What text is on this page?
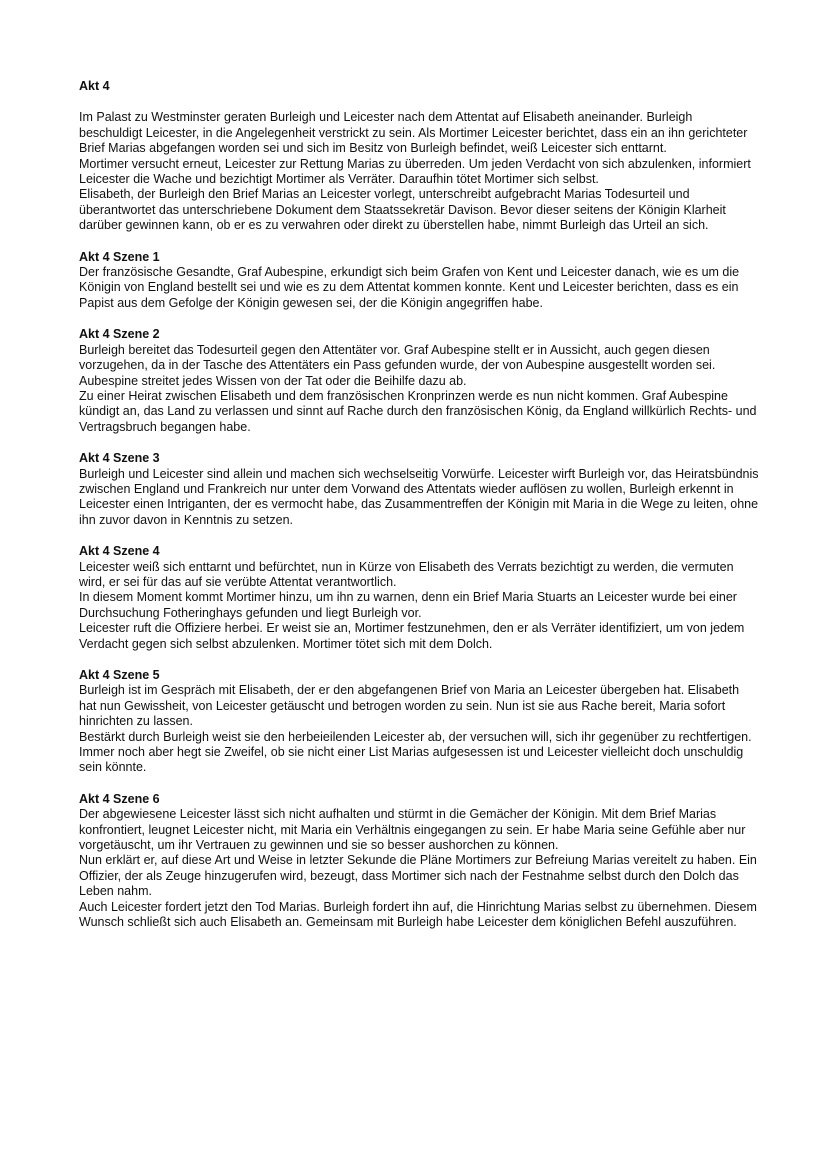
Akt 4

Im Palast zu Westminster geraten Burleigh und Leicester nach dem Attentat auf Elisabeth aneinander. Burleigh beschuldigt Leicester, in die Angelegenheit verstrickt zu sein. Als Mortimer Leicester berichtet, dass ein an ihn gerichteter Brief Marias abgefangen worden sei und sich im Besitz von Burleigh befindet, weiß Leicester sich enttarnt.

Mortimer versucht erneut, Leicester zur Rettung Marias zu überreden. Um jeden Verdacht von sich abzulenken, informiert Leicester die Wache und bezichtigt Mortimer als Verräter. Daraufhin tötet Mortimer sich selbst.

Elisabeth, der Burleigh den Brief Marias an Leicester vorlegt, unterschreibt aufgebracht Marias Todesurteil und überantwortet das unterschriebene Dokument dem Staatssekretär Davison. Bevor dieser seitens der Königin Klarheit darüber gewinnen kann, ob er es zu verwahren oder direkt zu überstellen habe, nimmt Burleigh das Urteil an sich.

Akt 4 Szene 1

Der französische Gesandte, Graf Aubespine, erkundigt sich beim Grafen von Kent und Leicester danach, wie es um die Königin von England bestellt sei und wie es zu dem Attentat kommen konnte. Kent und Leicester berichten, dass es ein Papist aus dem Gefolge der Königin gewesen sei, der die Königin angegriffen habe.

Akt 4 Szene 2

Burleigh bereitet das Todesurteil gegen den Attentäter vor. Graf Aubespine stellt er in Aussicht, auch gegen diesen vorzugehen, da in der Tasche des Attentäters ein Pass gefunden wurde, der von Aubespine ausgestellt worden sei. Aubespine streitet jedes Wissen von der Tat oder die Beihilfe dazu ab.

Zu einer Heirat zwischen Elisabeth und dem französischen Kronprinzen werde es nun nicht kommen. Graf Aubespine kündigt an, das Land zu verlassen und sinnt auf Rache durch den französischen König, da England willkürlich Rechts- und Vertragsbruch begangen habe.

Akt 4 Szene 3

Burleigh und Leicester sind allein und machen sich wechselseitig Vorwürfe. Leicester wirft Burleigh vor, das Heiratsbündnis zwischen England und Frankreich nur unter dem Vorwand des Attentats wieder auflösen zu wollen, Burleigh erkennt in Leicester einen Intriganten, der es vermocht habe, das Zusammentreffen der Königin mit Maria in die Wege zu leiten, ohne ihn zuvor davon in Kenntnis zu setzen.

Akt 4 Szene 4

Leicester weiß sich enttarnt und befürchtet, nun in Kürze von Elisabeth des Verrats bezichtigt zu werden, die vermuten wird, er sei für das auf sie verübte Attentat verantwortlich.

In diesem Moment kommt Mortimer hinzu, um ihn zu warnen, denn ein Brief Maria Stuarts an Leicester wurde bei einer Durchsuchung Fotheringhays gefunden und liegt Burleigh vor.

Leicester ruft die Offiziere herbei. Er weist sie an, Mortimer festzunehmen, den er als Verräter identifiziert, um von jedem Verdacht gegen sich selbst abzulenken. Mortimer tötet sich mit dem Dolch.

Akt 4 Szene 5

Burleigh ist im Gespräch mit Elisabeth, der er den abgefangenen Brief von Maria an Leicester übergeben hat. Elisabeth hat nun Gewissheit, von Leicester getäuscht und betrogen worden zu sein. Nun ist sie aus Rache bereit, Maria sofort hinrichten zu lassen.

Bestärkt durch Burleigh weist sie den herbeieilenden Leicester ab, der versuchen will, sich ihr gegenüber zu rechtfertigen. Immer noch aber hegt sie Zweifel, ob sie nicht einer List Marias aufgesessen ist und Leicester vielleicht doch unschuldig sein könnte.

Akt 4 Szene 6

Der abgewiesene Leicester lässt sich nicht aufhalten und stürmt in die Gemächer der Königin. Mit dem Brief Marias konfrontiert, leugnet Leicester nicht, mit Maria ein Verhältnis eingegangen zu sein. Er habe Maria seine Gefühle aber nur vorgetäuscht, um ihr Vertrauen zu gewinnen und sie so besser aushorchen zu können.

Nun erklärt er, auf diese Art und Weise in letzter Sekunde die Pläne Mortimers zur Befreiung Marias vereitelt zu haben. Ein Offizier, der als Zeuge hinzugerufen wird, bezeugt, dass Mortimer sich nach der Festnahme selbst durch den Dolch das Leben nahm.

Auch Leicester fordert jetzt den Tod Marias. Burleigh fordert ihn auf, die Hinrichtung Marias selbst zu übernehmen. Diesem Wunsch schließt sich auch Elisabeth an. Gemeinsam mit Burleigh habe Leicester dem königlichen Befehl auszuführen.
